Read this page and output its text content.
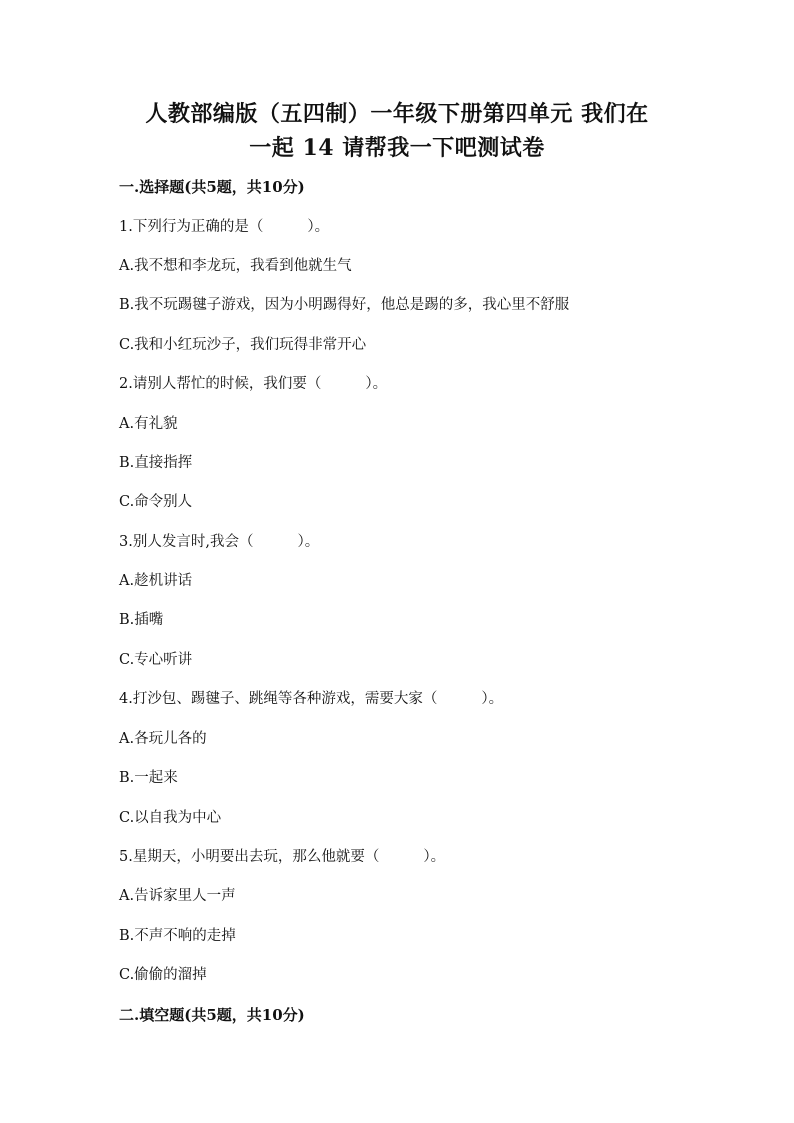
人教部编版（五四制）一年级下册第四单元 我们在
一起 14 请帮我一下吧测试卷
一.选择题(共5题，共10分)
1.下列行为正确的是（	）。
A.我不想和李龙玩，我看到他就生气
B.我不玩踢毽子游戏，因为小明踢得好，他总是踢的多，我心里不舒服
C.我和小红玩沙子，我们玩得非常开心
2.请别人帮忙的时候，我们要（	）。
A.有礼貌
B.直接指挥
C.命令别人
3.别人发言时,我会（	）。
A.趁机讲话
B.插嘴
C.专心听讲
4.打沙包、踢毽子、跳绳等各种游戏，需要大家（	）。
A.各玩儿各的
B.一起来
C.以自我为中心
5.星期天，小明要出去玩，那么他就要（	）。
A.告诉家里人一声
B.不声不响的走掉
C.偷偷的溜掉
二.填空题(共5题，共10分)
